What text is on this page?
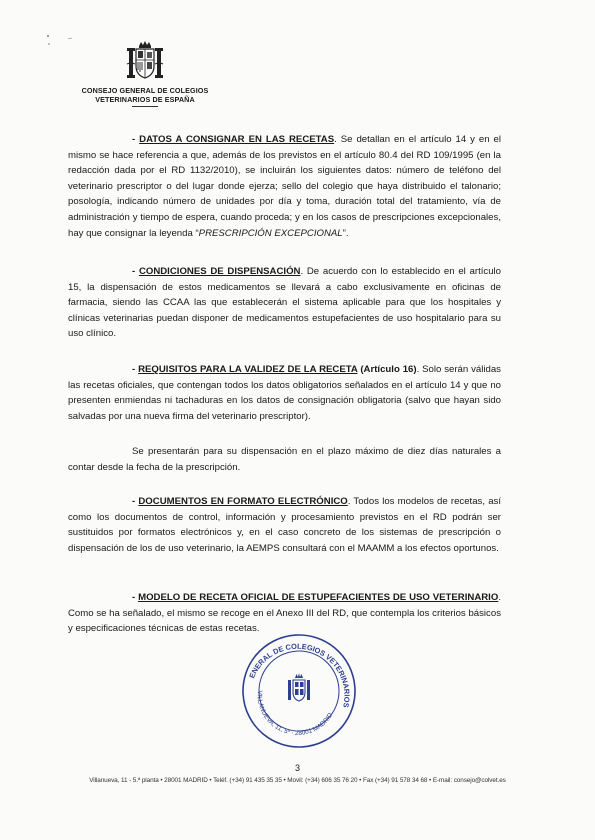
CONSEJO GENERAL DE COLEGIOS
VETERINARIOS DE ESPAÑA

- DATOS A CONSIGNAR EN LAS RECETAS. Se detallan en el artículo 14 y en el mismo se hace referencia a que, además de los previstos en el artículo 80.4 del RD 109/1995 (en la redacción dada por el RD 1132/2010), se incluirán los siguientes datos: número de teléfono del veterinario prescriptor o del lugar donde ejerza; sello del colegio que haya distribuido el talonario; posología, indicando número de unidades por día y toma, duración total del tratamiento, vía de administración y tiempo de espera, cuando proceda; y en los casos de prescripciones excepcionales, hay que consignar la leyenda “PRESCRIPCIÓN EXCEPCIONAL”.

- CONDICIONES DE DISPENSACIÓN. De acuerdo con lo establecido en el artículo 15, la dispensación de estos medicamentos se llevará a cabo exclusivamente en oficinas de farmacia, siendo las CCAA las que establecerán el sistema aplicable para que los hospitales y clínicas veterinarias puedan disponer de medicamentos estupefacientes de uso hospitalario para su uso clínico.

- REQUISITOS PARA LA VALIDEZ DE LA RECETA (Artículo 16). Solo serán válidas las recetas oficiales, que contengan todos los datos obligatorios señalados en el artículo 14 y que no presenten enmiendas ni tachaduras en los datos de consignación obligatoria (salvo que hayan sido salvadas por una nueva firma del veterinario prescriptor).

Se presentarán para su dispensación en el plazo máximo de diez días naturales a contar desde la fecha de la prescripción.

- DOCUMENTOS EN FORMATO ELECTRÓNICO. Todos los modelos de recetas, así como los documentos de control, información y procesamiento previstos en el RD podrán ser sustituidos por formatos electrónicos y, en el caso concreto de los sistemas de prescripción o dispensación de los de uso veterinario, la AEMPS consultará con el MAAMM a los efectos oportunos.

- MODELO DE RECETA OFICIAL DE ESTUPEFACIENTES DE USO VETERINARIO. Como se ha señalado, el mismo se recoge en el Anexo III del RD, que contempla los criterios básicos y especificaciones técnicas de estas recetas.

GENERAL DE COLEGIOS VETERINARIOS
VILLANUEVA, 11, 5º · 28001 MADRID
3
Villanueva, 11 - 5.ª planta • 28001 MADRID • Teléf. (+34) 91 435 35 35 • Movil: (+34) 606 35 76 20 • Fax (+34) 91 578 34 68 • E-mail: consejo@colvet.es
